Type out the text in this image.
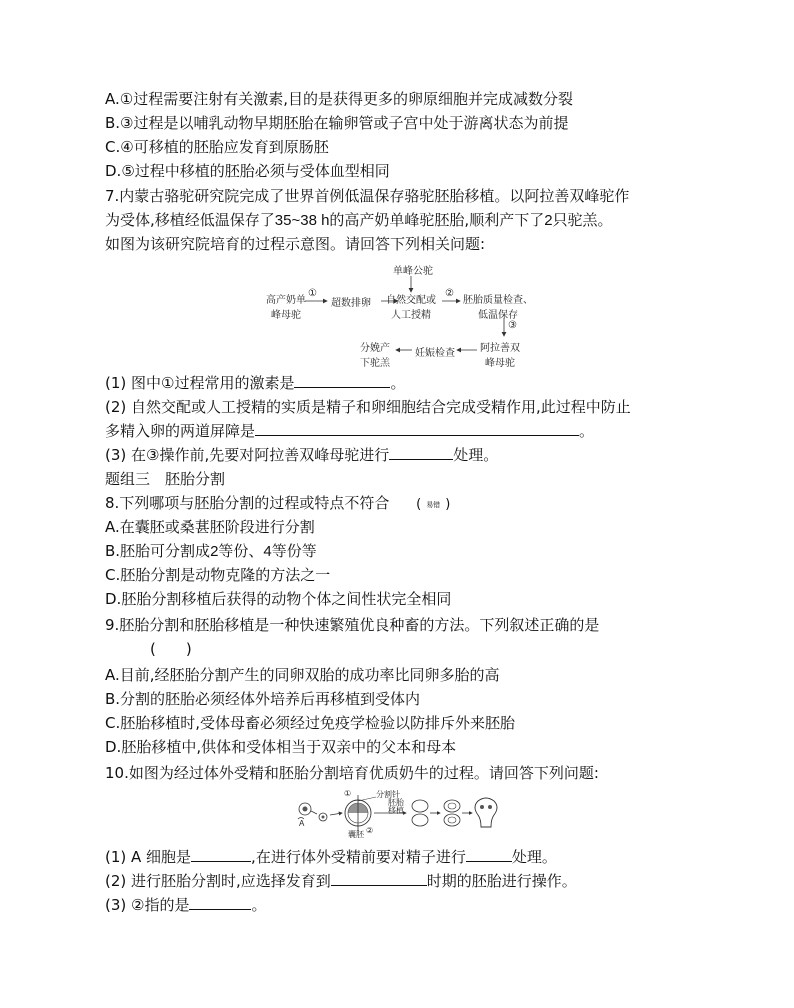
A.①过程需要注射有关激素,目的是获得更多的卵原细胞并完成减数分裂
B.③过程是以哺乳动物早期胚胎在输卵管或子宫中处于游离状态为前提
C.④可移植的胚胎应发育到原肠胚
D.⑤过程中移植的胚胎必须与受体血型相同
7.内蒙古骆驼研究院完成了世界首例低温保存骆驼胚胎移植。以阿拉善双峰驼作
为受体,移植经低温保存了35~38 h的高产奶单峰驼胚胎,顺利产下了2只驼羔。
如图为该研究院培育的过程示意图。请回答下列相关问题:
单峰公驼
高产奶单
峰母驼
①
超数排卵 自然交配或
人工授精
②
胚胎质量检查、
低温保存
③
阿拉善双
峰母驼
妊娠检查
分娩产
下驼羔
(1) 图中①过程常用的激素是	。
(2) 自然交配或人工授精的实质是精子和卵细胞结合完成受精作用,此过程中防止
多精入卵的两道屏障是	。
(3) 在③操作前,先要对阿拉善双峰母驼进行	处理。
题组三　胚胎分割
8.下列哪项与胚胎分割的过程或特点不符合 ( 易错 )
A.在囊胚或桑葚胚阶段进行分割
B.胚胎可分割成2等份、4等份等
C.胚胎分割是动物克隆的方法之一
D.胚胎分割移植后获得的动物个体之间性状完全相同
9.胚胎分割和胚胎移植是一种快速繁殖优良种畜的方法。下列叙述正确的是
(　　)
A.目前,经胚胎分割产生的同卵双胎的成功率比同卵多胎的高
B.分割的胚胎必须经体外培养后再移植到受体内
C.胚胎移植时,受体母畜必须经过免疫学检验以防排斥外来胚胎
D.胚胎移植中,供体和受体相当于双亲中的父本和母本
10.如图为经过体外受精和胚胎分割培育优质奶牛的过程。请回答下列问题:
A
①
②
分割针
囊胚
胚胎
移植
(1) A 细胞是	,在进行体外受精前要对精子进行	处理。
(2) 进行胚胎分割时,应选择发育到	时期的胚胎进行操作。
(3) ②指的是	。
